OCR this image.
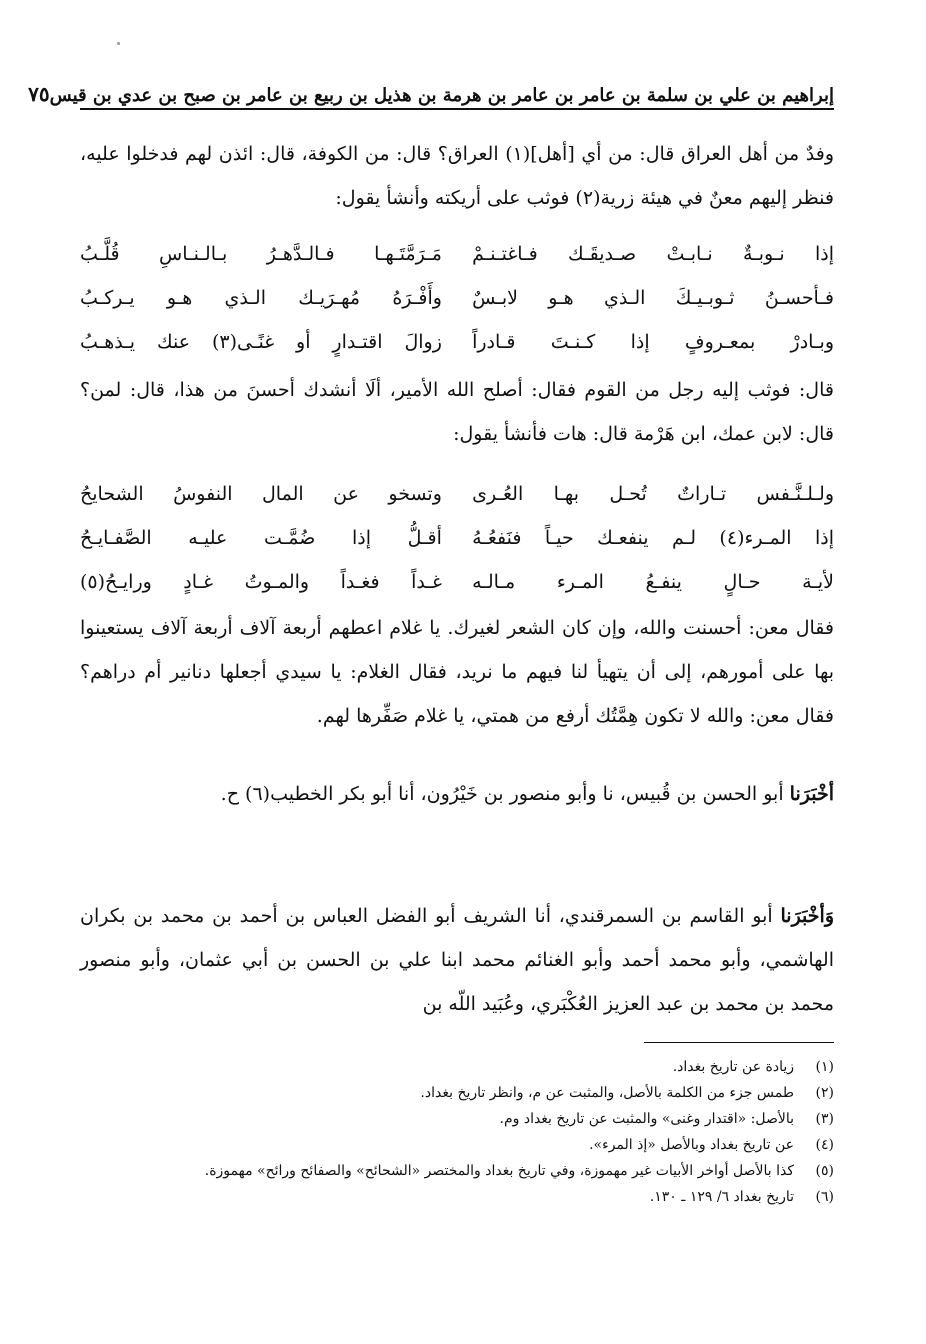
إبراهيم بن علي بن سلمة بن عامر بن عامر بن هرمة بن هذيل بن ربيع بن عامر بن صبح بن عدي بن قيس
٧٥

وفدٌ من أهل العراق قال: من أي [أهل](١) العراق؟ قال: من الكوفة، قال: ائذن لهم فدخلوا عليه، فنظر إليهم معنٌ في هيئة زرية(٢) فوثب على أريكته وأنشأ يقول:

إذا نـوبـةٌ نـابـتْ صـديقَـك فـاغتـنـمْ
مَـرَمَّتَـهـا فـالـدَّهـرُ بـالـنـاسِ قُلَّـبُ
فـأحسـنُ ثـوبـيـكَ الـذي هـو لابـسٌ
وأَفْـرَهُ مُهـرَيـك الـذي هـو يـركـبُ
وبـادرْ بمعـروفٍ إذا كـنـتَ قـادراً
زوالَ اقتـدارٍ أو غنًـى(٣) عنك يـذهـبُ

قال: فوثب إليه رجل من القوم فقال: أصلح الله الأمير، ألَا أنشدك أحسنَ من هذا، قال: لمن؟ قال: لابن عمك، ابن هَرْمة قال: هات فأنشأ يقول:

ولـلـنَّـفس تـاراتٌ تُحـل بهـا العُـرى
وتسخو عن المال النفوسُ الشحايحُ
إذا المـرء(٤) لـم ينفعـك حيـاً فنَفعُـهُ
أقـلُّ إذا ضُمَّـت عليـه الصَّفـايـحُ
لأيـة حـالٍ ينفـعُ المـرء مـالـه
غـداً فغـداً والمـوتُ غـادٍ ورايـحُ(٥)

فقال معن: أحسنت والله، وإن كان الشعر لغيرك. يا غلام اعطهم أربعة آلاف أربعة آلاف يستعينوا بها على أمورهم، إلى أن يتهيأ لنا فيهم ما نريد، فقال الغلام: يا سيدي أجعلها دنانير أم دراهم؟ فقال معن: والله لا تكون هِمَّتُك أرفع من همتي، يا غلام صَفِّرها لهم.

أخْبَرَنا أبو الحسن بن قُبيس، نا وأبو منصور بن خَيْرُون، أنا أبو بكر الخطيب(٦) ح.

وَأخْبَرَنا أبو القاسم بن السمرقندي، أنا الشريف أبو الفضل العباس بن أحمد بن محمد بن بكران الهاشمي، وأبو محمد أحمد وأبو الغنائم محمد ابنا علي بن الحسن بن أبي عثمان، وأبو منصور محمد بن محمد بن عبد العزيز العُكْبَري، وعُبَيد اللّه بن

(١)
زيادة عن تاريخ بغداد.
(٢)
طمس جزء من الكلمة بالأصل، والمثبت عن م، وانظر تاريخ بغداد.
(٣)
بالأصل: «اقتدار وغنى» والمثبت عن تاريخ بغداد وم.
(٤)
عن تاريخ بغداد وبالأصل «إذ المرء».
(٥)
كذا بالأصل أواخر الأبيات غير مهموزة، وفي تاريخ بغداد والمختصر «الشحائح» والصفائح ورائح» مهموزة.
(٦)
تاريخ بغداد ٦/ ١٢٩ ـ ١٣٠.
